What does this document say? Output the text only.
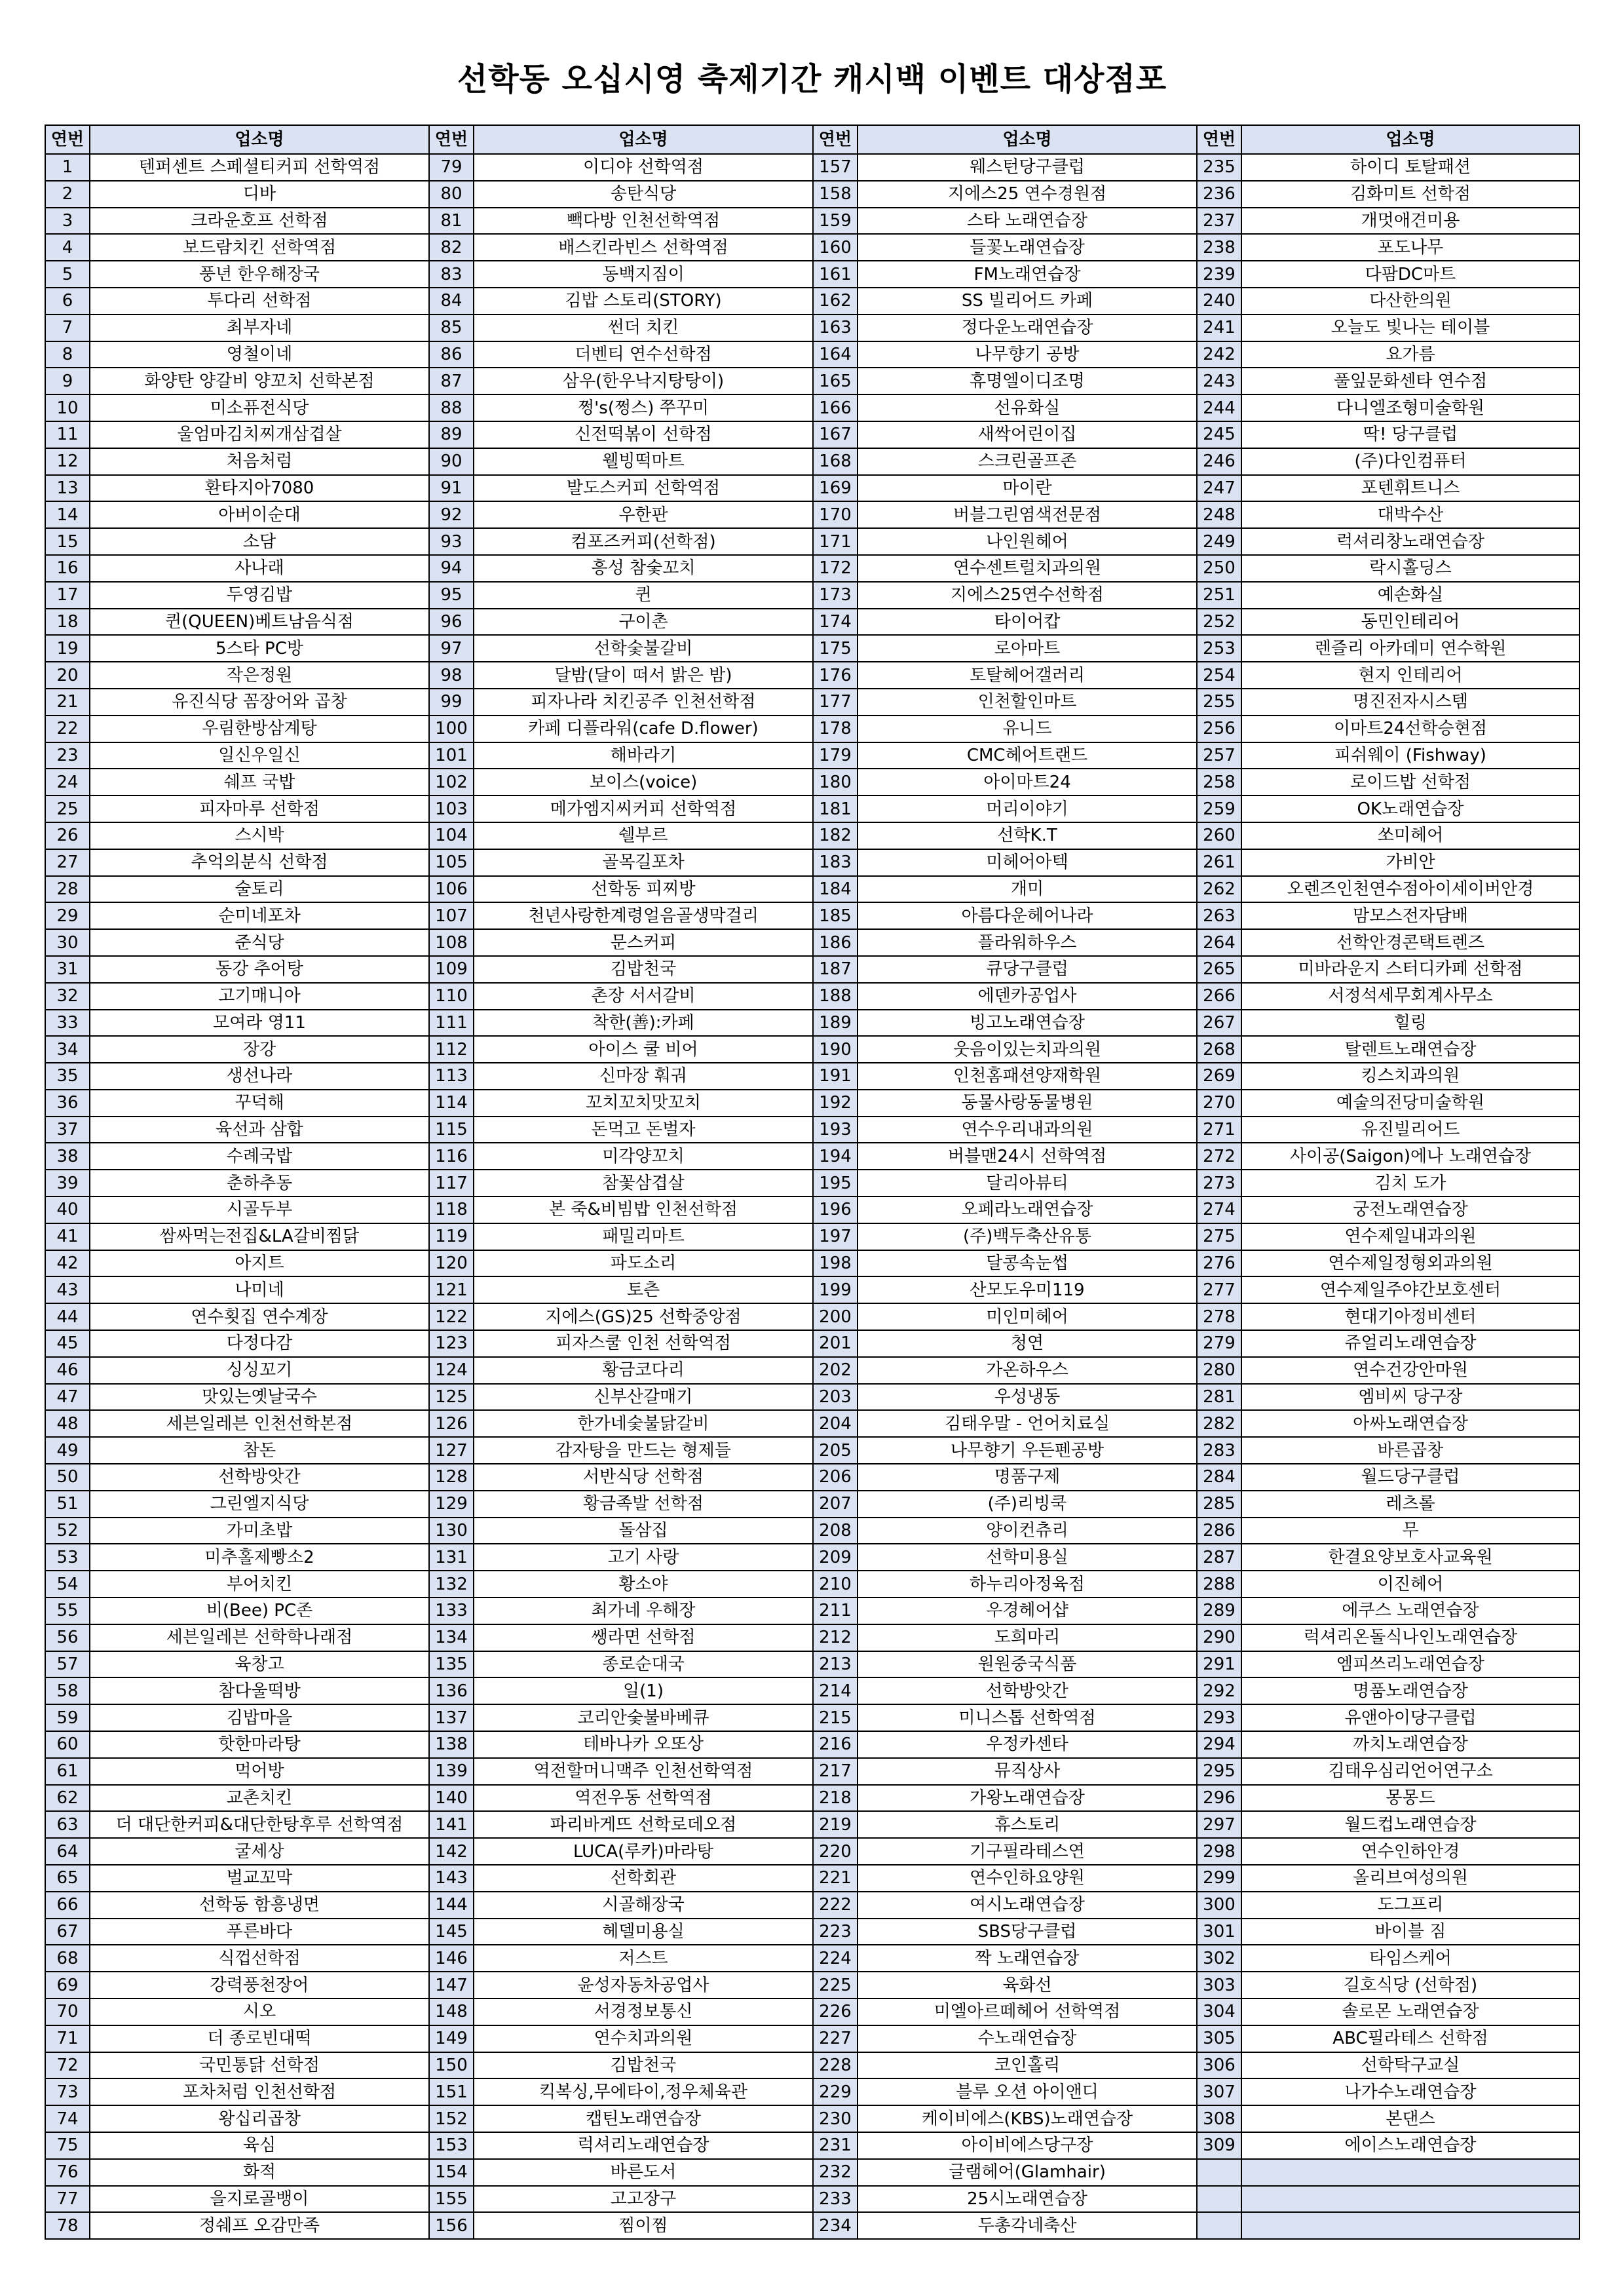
선학동 오십시영 축제기간 캐시백 이벤트 대상점포
연번	업소명	연번	업소명	연번	업소명	연번	업소명
1	텐퍼센트 스페셜티커피 선학역점	79	이디야 선학역점	157	웨스턴당구클럽	235	하이디 토탈패션
2	디바	80	송탄식당	158	지에스25 연수경원점	236	김화미트 선학점
3	크라운호프 선학점	81	빽다방 인천선학역점	159	스타 노래연습장	237	개멋애견미용
4	보드람치킨 선학역점	82	배스킨라빈스 선학역점	160	들꽃노래연습장	238	포도나무
5	풍년 한우해장국	83	동백지짐이	161	FM노래연습장	239	다팜DC마트
6	투다리 선학점	84	김밥 스토리(STORY)	162	SS 빌리어드 카페	240	다산한의원
7	최부자네	85	썬더 치킨	163	정다운노래연습장	241	오늘도 빛나는 테이블
8	영철이네	86	더벤티 연수선학점	164	나무향기 공방	242	요가름
9	화양탄 양갈비 양꼬치 선학본점	87	삼우(한우낙지탕탕이)	165	휴명엘이디조명	243	풀잎문화센타 연수점
10	미소퓨전식당	88	쩡's(쩡스) 쭈꾸미	166	선유화실	244	다니엘조형미술학원
11	울엄마김치찌개삼겹살	89	신전떡볶이 선학점	167	새싹어린이집	245	딱! 당구클럽
12	처음처럼	90	웰빙떡마트	168	스크린골프존	246	(주)다인컴퓨터
13	환타지아7080	91	발도스커피 선학역점	169	마이란	247	포텐휘트니스
14	아버이순대	92	우한판	170	버블그린염색전문점	248	대박수산
15	소담	93	컴포즈커피(선학점)	171	나인원헤어	249	럭셔리창노래연습장
16	사나래	94	흥성 참숯꼬치	172	연수센트럴치과의원	250	락시홀딩스
17	두영김밥	95	퀸	173	지에스25연수선학점	251	예손화실
18	퀸(QUEEN)베트남음식점	96	구이촌	174	타이어캅	252	동민인테리어
19	5스타 PC방	97	선학숯불갈비	175	로아마트	253	렌즐리 아카데미 연수학원
20	작은정원	98	달밤(달이 떠서 밝은 밤)	176	토탈헤어갤러리	254	현지 인테리어
21	유진식당 꼼장어와 곱창	99	피자나라 치킨공주 인천선학점	177	인천할인마트	255	명진전자시스템
22	우림한방삼계탕	100	카페 디플라워(cafe D.flower)	178	유니드	256	이마트24선학승현점
23	일신우일신	101	해바라기	179	CMC헤어트랜드	257	피쉬웨이 (Fishway)
24	쉐프 국밥	102	보이스(voice)	180	아이마트24	258	로이드밥 선학점
25	피자마루 선학점	103	메가엠지씨커피 선학역점	181	머리이야기	259	OK노래연습장
26	스시박	104	쉘부르	182	선학K.T	260	쏘미헤어
27	추억의분식 선학점	105	골목길포차	183	미헤어아텍	261	가비안
28	술토리	106	선학동 피찌방	184	개미	262	오렌즈인천연수점아이세이버안경
29	순미네포차	107	천년사랑한계령얼음골생막걸리	185	아름다운헤어나라	263	맘모스전자담배
30	준식당	108	문스커피	186	플라워하우스	264	선학안경콘택트렌즈
31	동강 추어탕	109	김밥천국	187	큐당구클럽	265	미바라운지 스터디카페 선학점
32	고기매니아	110	촌장 서서갈비	188	에덴카공업사	266	서정석세무회계사무소
33	모여라 영11	111	착한(善):카페	189	빙고노래연습장	267	힐링
34	장강	112	아이스 쿨 비어	190	웃음이있는치과의원	268	탈렌트노래연습장
35	생선나라	113	신마장 훠궈	191	인천홈패션양재학원	269	킹스치과의원
36	꾸덕해	114	꼬치꼬치맛꼬치	192	동물사랑동물병원	270	예술의전당미술학원
37	육선과 삼합	115	돈먹고 돈벌자	193	연수우리내과의원	271	유진빌리어드
38	수례국밥	116	미각양꼬치	194	버블맨24시 선학역점	272	사이공(Saigon)에나 노래연습장
39	춘하추동	117	참꽃삼겹살	195	달리아뷰티	273	김치 도가
40	시골두부	118	본 죽&비빔밥 인천선학점	196	오페라노래연습장	274	궁전노래연습장
41	쌈싸먹는전집&LA갈비찜닭	119	패밀리마트	197	(주)백두축산유통	275	연수제일내과의원
42	아지트	120	파도소리	198	달콩속눈썹	276	연수제일정형외과의원
43	나미네	121	토츤	199	산모도우미119	277	연수제일주야간보호센터
44	연수횟집 연수계장	122	지에스(GS)25 선학중앙점	200	미인미헤어	278	현대기아정비센터
45	다정다감	123	피자스쿨 인천 선학역점	201	청연	279	쥬얼리노래연습장
46	싱싱꼬기	124	황금코다리	202	가온하우스	280	연수건강안마원
47	맛있는옛날국수	125	신부산갈매기	203	우성냉동	281	엠비씨 당구장
48	세븐일레븐 인천선학본점	126	한가네숯불닭갈비	204	김태우말 - 언어치료실	282	아싸노래연습장
49	참돈	127	감자탕을 만드는 형제들	205	나무향기 우든펜공방	283	바른곱창
50	선학방앗간	128	서반식당 선학점	206	명품구제	284	월드당구클럽
51	그린엘지식당	129	황금족발 선학점	207	(주)리빙쿡	285	레츠롤
52	가미초밥	130	돌삼집	208	양이컨츄리	286	무
53	미추홀제빵소2	131	고기 사랑	209	선학미용실	287	한결요양보호사교육원
54	부어치킨	132	황소야	210	하누리아정육점	288	이진헤어
55	비(Bee) PC존	133	최가네 우해장	211	우경헤어샵	289	에쿠스 노래연습장
56	세븐일레븐 선학학나래점	134	쌩라면 선학점	212	도희마리	290	럭셔리온돌식나인노래연습장
57	육창고	135	종로순대국	213	원원중국식품	291	엠피쓰리노래연습장
58	참다울떡방	136	일(1)	214	선학방앗간	292	명품노래연습장
59	김밥마을	137	코리안숯불바베큐	215	미니스톱 선학역점	293	유앤아이당구클럽
60	핫한마라탕	138	테바나카 오또상	216	우정카센타	294	까치노래연습장
61	먹어방	139	역전할머니맥주 인천선학역점	217	뮤직상사	295	김태우심리언어연구소
62	교촌치킨	140	역전우동 선학역점	218	가왕노래연습장	296	몽몽드
63	더 대단한커피&대단한탕후루 선학역점	141	파리바게뜨 선학로데오점	219	휴스토리	297	월드컵노래연습장
64	굴세상	142	LUCA(루카)마라탕	220	기구필라테스연	298	연수인하안경
65	벌교꼬막	143	선학회관	221	연수인하요양원	299	올리브여성의원
66	선학동 함흥냉면	144	시골해장국	222	여시노래연습장	300	도그프리
67	푸른바다	145	헤델미용실	223	SBS당구클럽	301	바이블 짐
68	식껍선학점	146	저스트	224	짝 노래연습장	302	타임스케어
69	강력풍천장어	147	윤성자동차공업사	225	육화선	303	길호식당 (선학점)
70	시오	148	서경정보통신	226	미엘아르떼헤어 선학역점	304	솔로몬 노래연습장
71	더 종로빈대떡	149	연수치과의원	227	수노래연습장	305	ABC필라테스 선학점
72	국민통닭 선학점	150	김밥천국	228	코인홀릭	306	선학탁구교실
73	포차처럼 인천선학점	151	킥복싱,무에타이,정우체육관	229	블루 오션 아이앤디	307	나가수노래연습장
74	왕십리곱창	152	캡틴노래연습장	230	케이비에스(KBS)노래연습장	308	본댄스
75	육심	153	럭셔리노래연습장	231	아이비에스당구장	309	에이스노래연습장
76	화적	154	바른도서	232	글램헤어(Glamhair)		
77	을지로골뱅이	155	고고장구	233	25시노래연습장		
78	정쉐프 오감만족	156	찜이찜	234	두총각네축산		
